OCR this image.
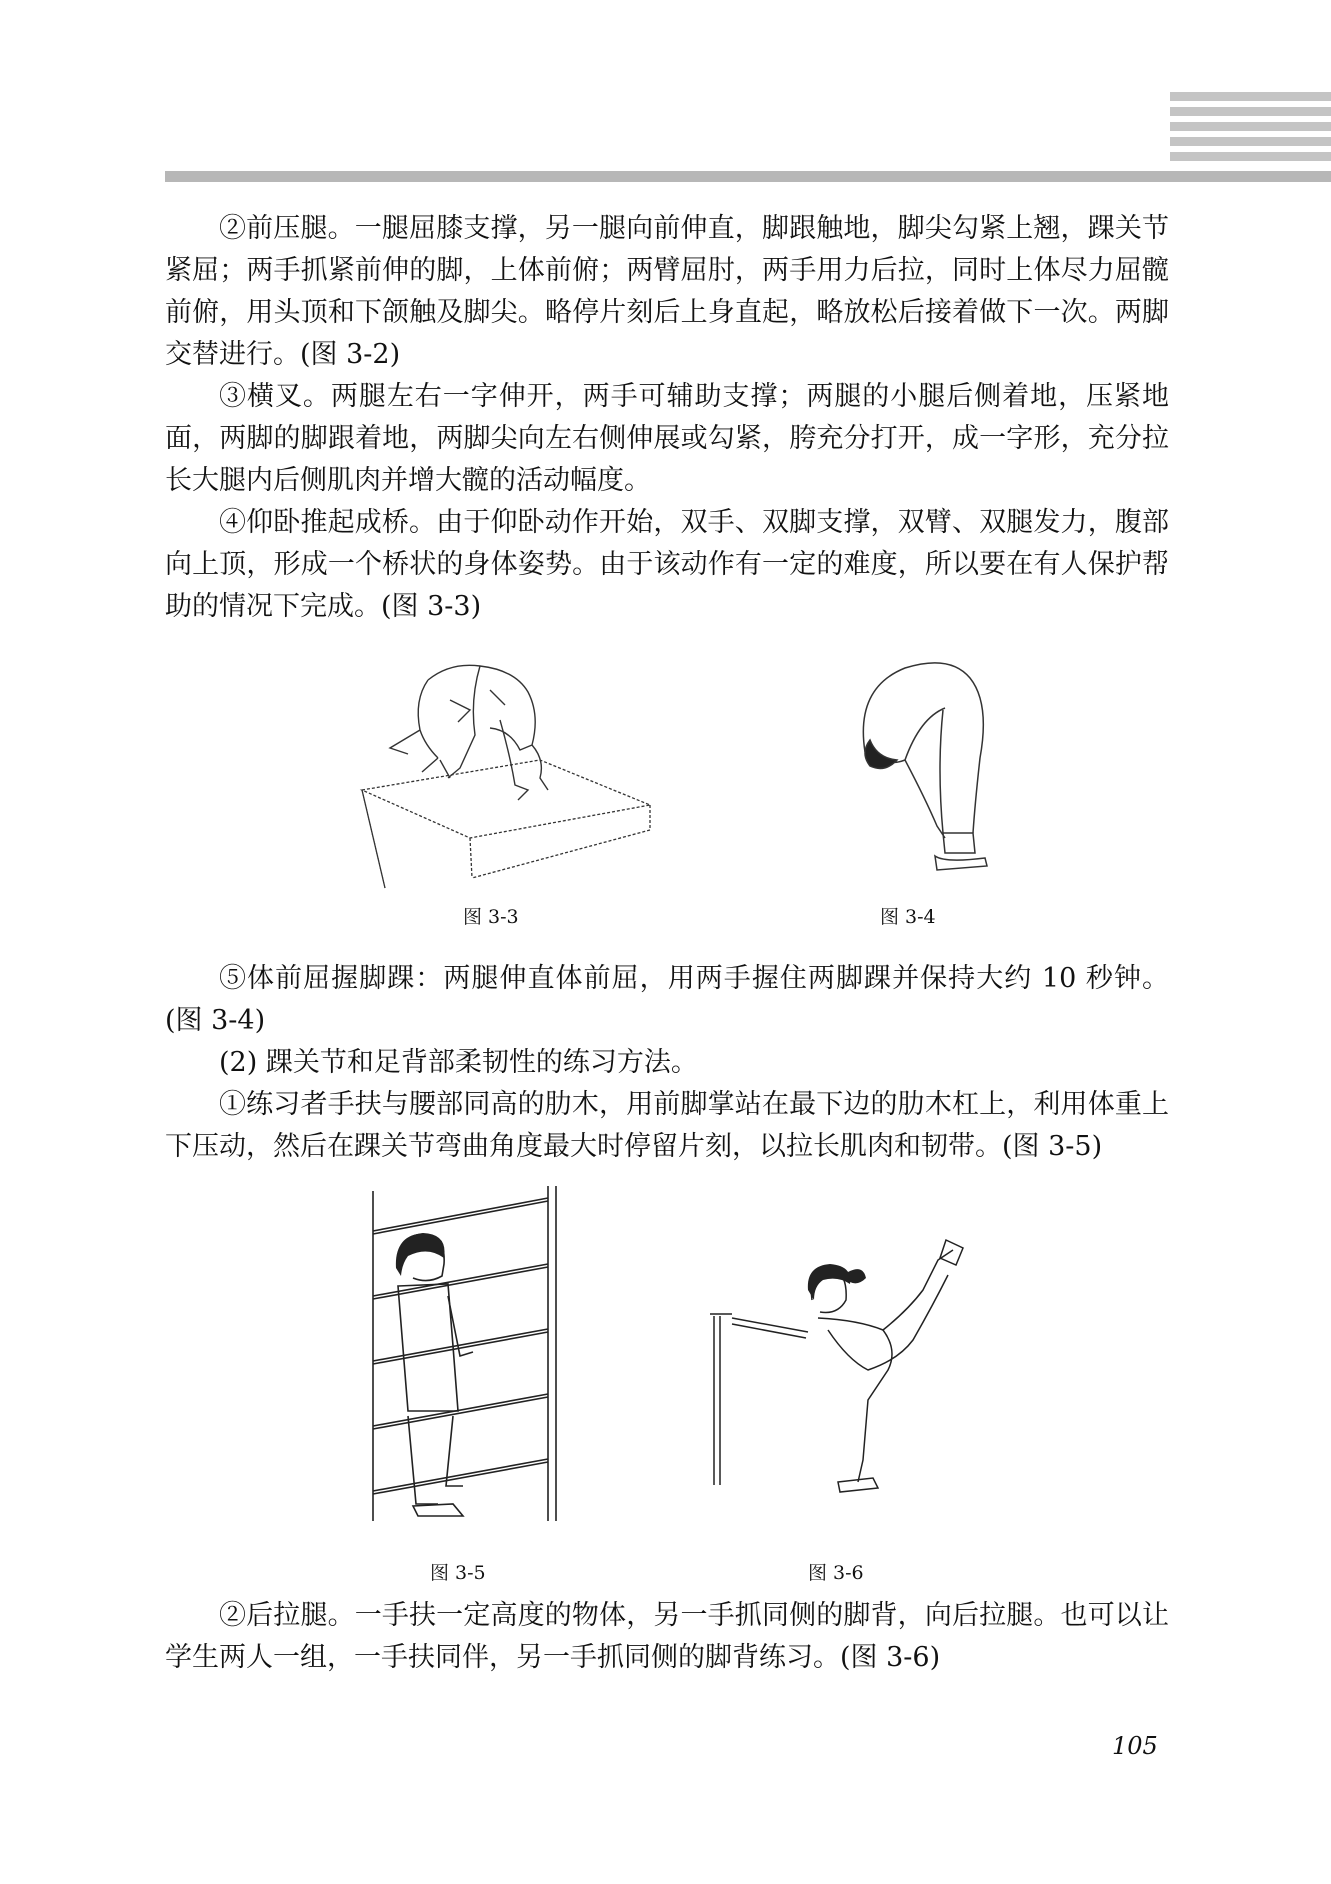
②前压腿。一腿屈膝支撑，另一腿向前伸直，脚跟触地，脚尖勾紧上翘，踝关节紧屈；两手抓紧前伸的脚，上体前俯；两臂屈肘，两手用力后拉，同时上体尽力屈髋前俯，用头顶和下颌触及脚尖。略停片刻后上身直起，略放松后接着做下一次。两脚交替进行。(图 3-2)

③横叉。两腿左右一字伸开，两手可辅助支撑；两腿的小腿后侧着地，压紧地面，两脚的脚跟着地，两脚尖向左右侧伸展或勾紧，胯充分打开，成一字形，充分拉长大腿内后侧肌肉并增大髋的活动幅度。

④仰卧推起成桥。由于仰卧动作开始，双手、双脚支撑，双臂、双腿发力，腹部向上顶，形成一个桥状的身体姿势。由于该动作有一定的难度，所以要在有人保护帮助的情况下完成。(图 3-3)

图 3-3	图 3-4

⑤体前屈握脚踝：两腿伸直体前屈，用两手握住两脚踝并保持大约 10 秒钟。(图 3-4)

(2) 踝关节和足背部柔韧性的练习方法。

①练习者手扶与腰部同高的肋木，用前脚掌站在最下边的肋木杠上，利用体重上下压动，然后在踝关节弯曲角度最大时停留片刻，以拉长肌肉和韧带。(图 3-5)

图 3-5	图 3-6

②后拉腿。一手扶一定高度的物体，另一手抓同侧的脚背，向后拉腿。也可以让学生两人一组，一手扶同伴，另一手抓同侧的脚背练习。(图 3-6)

105
